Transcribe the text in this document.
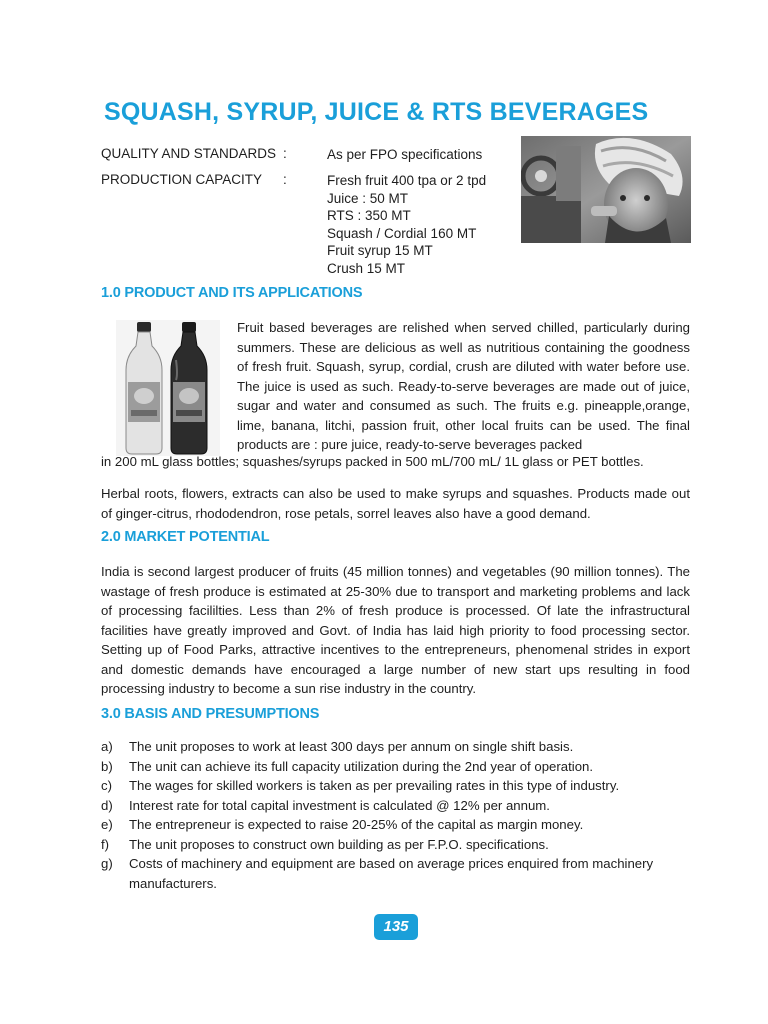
SQUASH, SYRUP, JUICE & RTS BEVERAGES
QUALITY AND STANDARDS :	As per FPO specifications
PRODUCTION CAPACITY :	Fresh fruit 400 tpa or 2 tpd
Juice : 50 MT
RTS : 350 MT
Squash / Cordial 160 MT
Fruit syrup 15 MT
Crush 15 MT
1.0 PRODUCT AND ITS APPLICATIONS

Fruit based beverages are relished when served chilled, particularly during summers. These are delicious as well as nutritious containing the goodness of fresh fruit. Squash, syrup, cordial, crush are diluted with water before use. The juice is used as such. Ready-to-serve beverages are made out of juice, sugar and water and consumed as such. The fruits e.g. pineapple,orange, lime, banana, litchi, passion fruit, other local fruits can be used. The final products are : pure juice, ready-to-serve beverages packed

in 200 mL glass bottles; squashes/syrups packed in 500 mL/700 mL/ 1L glass or PET bottles.

Herbal roots, flowers, extracts can also be used to make syrups and squashes. Products made out of ginger-citrus, rhododendron, rose petals, sorrel leaves also have a good demand.

2.0 MARKET POTENTIAL

India is second largest producer of fruits (45 million tonnes) and vegetables (90 million tonnes). The wastage of fresh produce is estimated at 25-30% due to transport and marketing problems and lack of processing facililties. Less than 2% of fresh produce is processed. Of late the infrastructural facilities have greatly improved and Govt. of India has laid high priority to food processing sector. Setting up of Food Parks, attractive incentives to the entrepreneurs, phenomenal strides in export and domestic demands have encouraged a large number of new start ups resulting in food processing industry to become a sun rise industry in the country.

3.0 BASIS AND PRESUMPTIONS
a)	The unit proposes to work at least 300 days per annum on single shift basis.
b)	The unit can achieve its full capacity utilization during the 2nd year of operation.
c)	The wages for skilled workers is taken as per prevailing rates in this type of industry.
d)	Interest rate for total capital investment is calculated @ 12% per annum.
e)	The entrepreneur is expected to raise 20-25% of the capital as margin money.
f)	The unit proposes to construct own building as per F.P.O. specifications.
g)	Costs of machinery and equipment are based on average prices enquired from machinery manufacturers.
135
